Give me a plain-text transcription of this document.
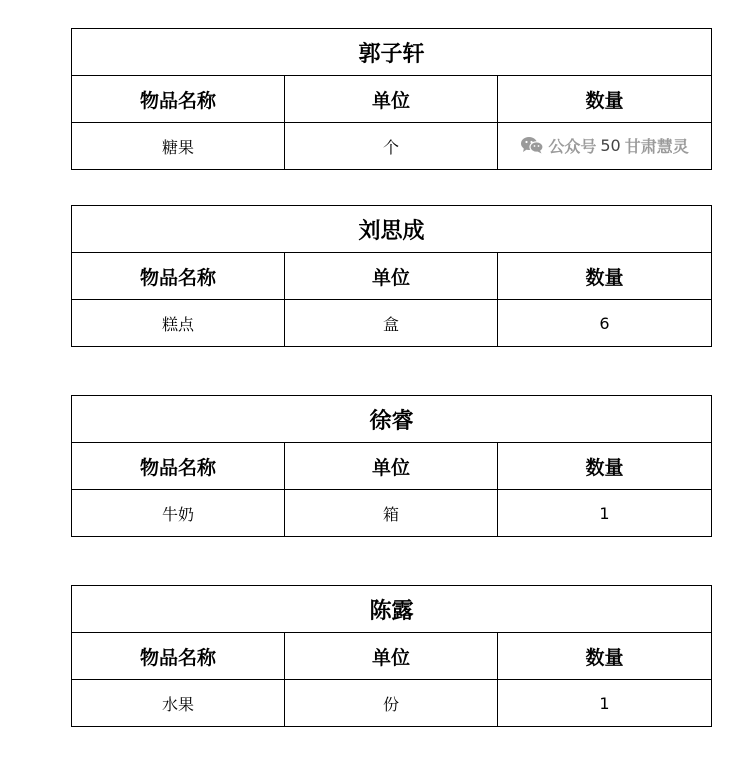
郭子轩		
物品名称	单位	数量
糖果	个	公众号 50 甘肃慧灵
刘思成		
物品名称	单位	数量
糕点	盒	6
徐睿		
物品名称	单位	数量
牛奶	箱	1
陈露		
物品名称	单位	数量
水果	份	1
